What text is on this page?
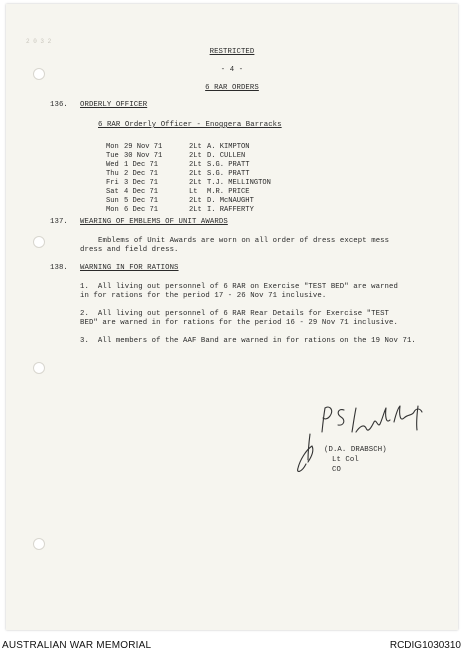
2 0 3 2
RESTRICTED
- 4 -
6 RAR ORDERS
136. ORDERLY OFFICER
6 RAR Orderly Officer - Enoggera Barracks
Mon 29 Nov 71	2Lt A. KIMPTON
Tue 30 Nov 71	2Lt D. CULLEN
Wed 1 Dec 71	2Lt S.G. PRATT
Thu 2 Dec 71	2Lt S.G. PRATT
Fri 3 Dec 71	2Lt T.J. MELLINGTON
Sat 4 Dec 71	Lt M.R. PRICE
Sun 5 Dec 71	2Lt D. McNAUGHT
Mon 6 Dec 71	2Lt I. RAFFERTY
137. WEARING OF EMBLEMS OF UNIT AWARDS
Emblems of Unit Awards are worn on all order of dress except mess
dress and field dress.
138. WARNING IN FOR RATIONS
1.  All living out personnel of 6 RAR on Exercise "TEST BED" are warned
in for rations for the period 17 - 26 Nov 71 inclusive.
2.  All living out personnel of 6 RAR Rear Details for Exercise "TEST
BED" are warned in for rations for the period 16 - 29 Nov 71 inclusive.
3.  All members of the AAF Band are warned in for rations on the 19 Nov 71.
(D.A. DRABSCH)
Lt Col
CO
AUSTRALIAN WAR MEMORIAL	RCDIG1030310
